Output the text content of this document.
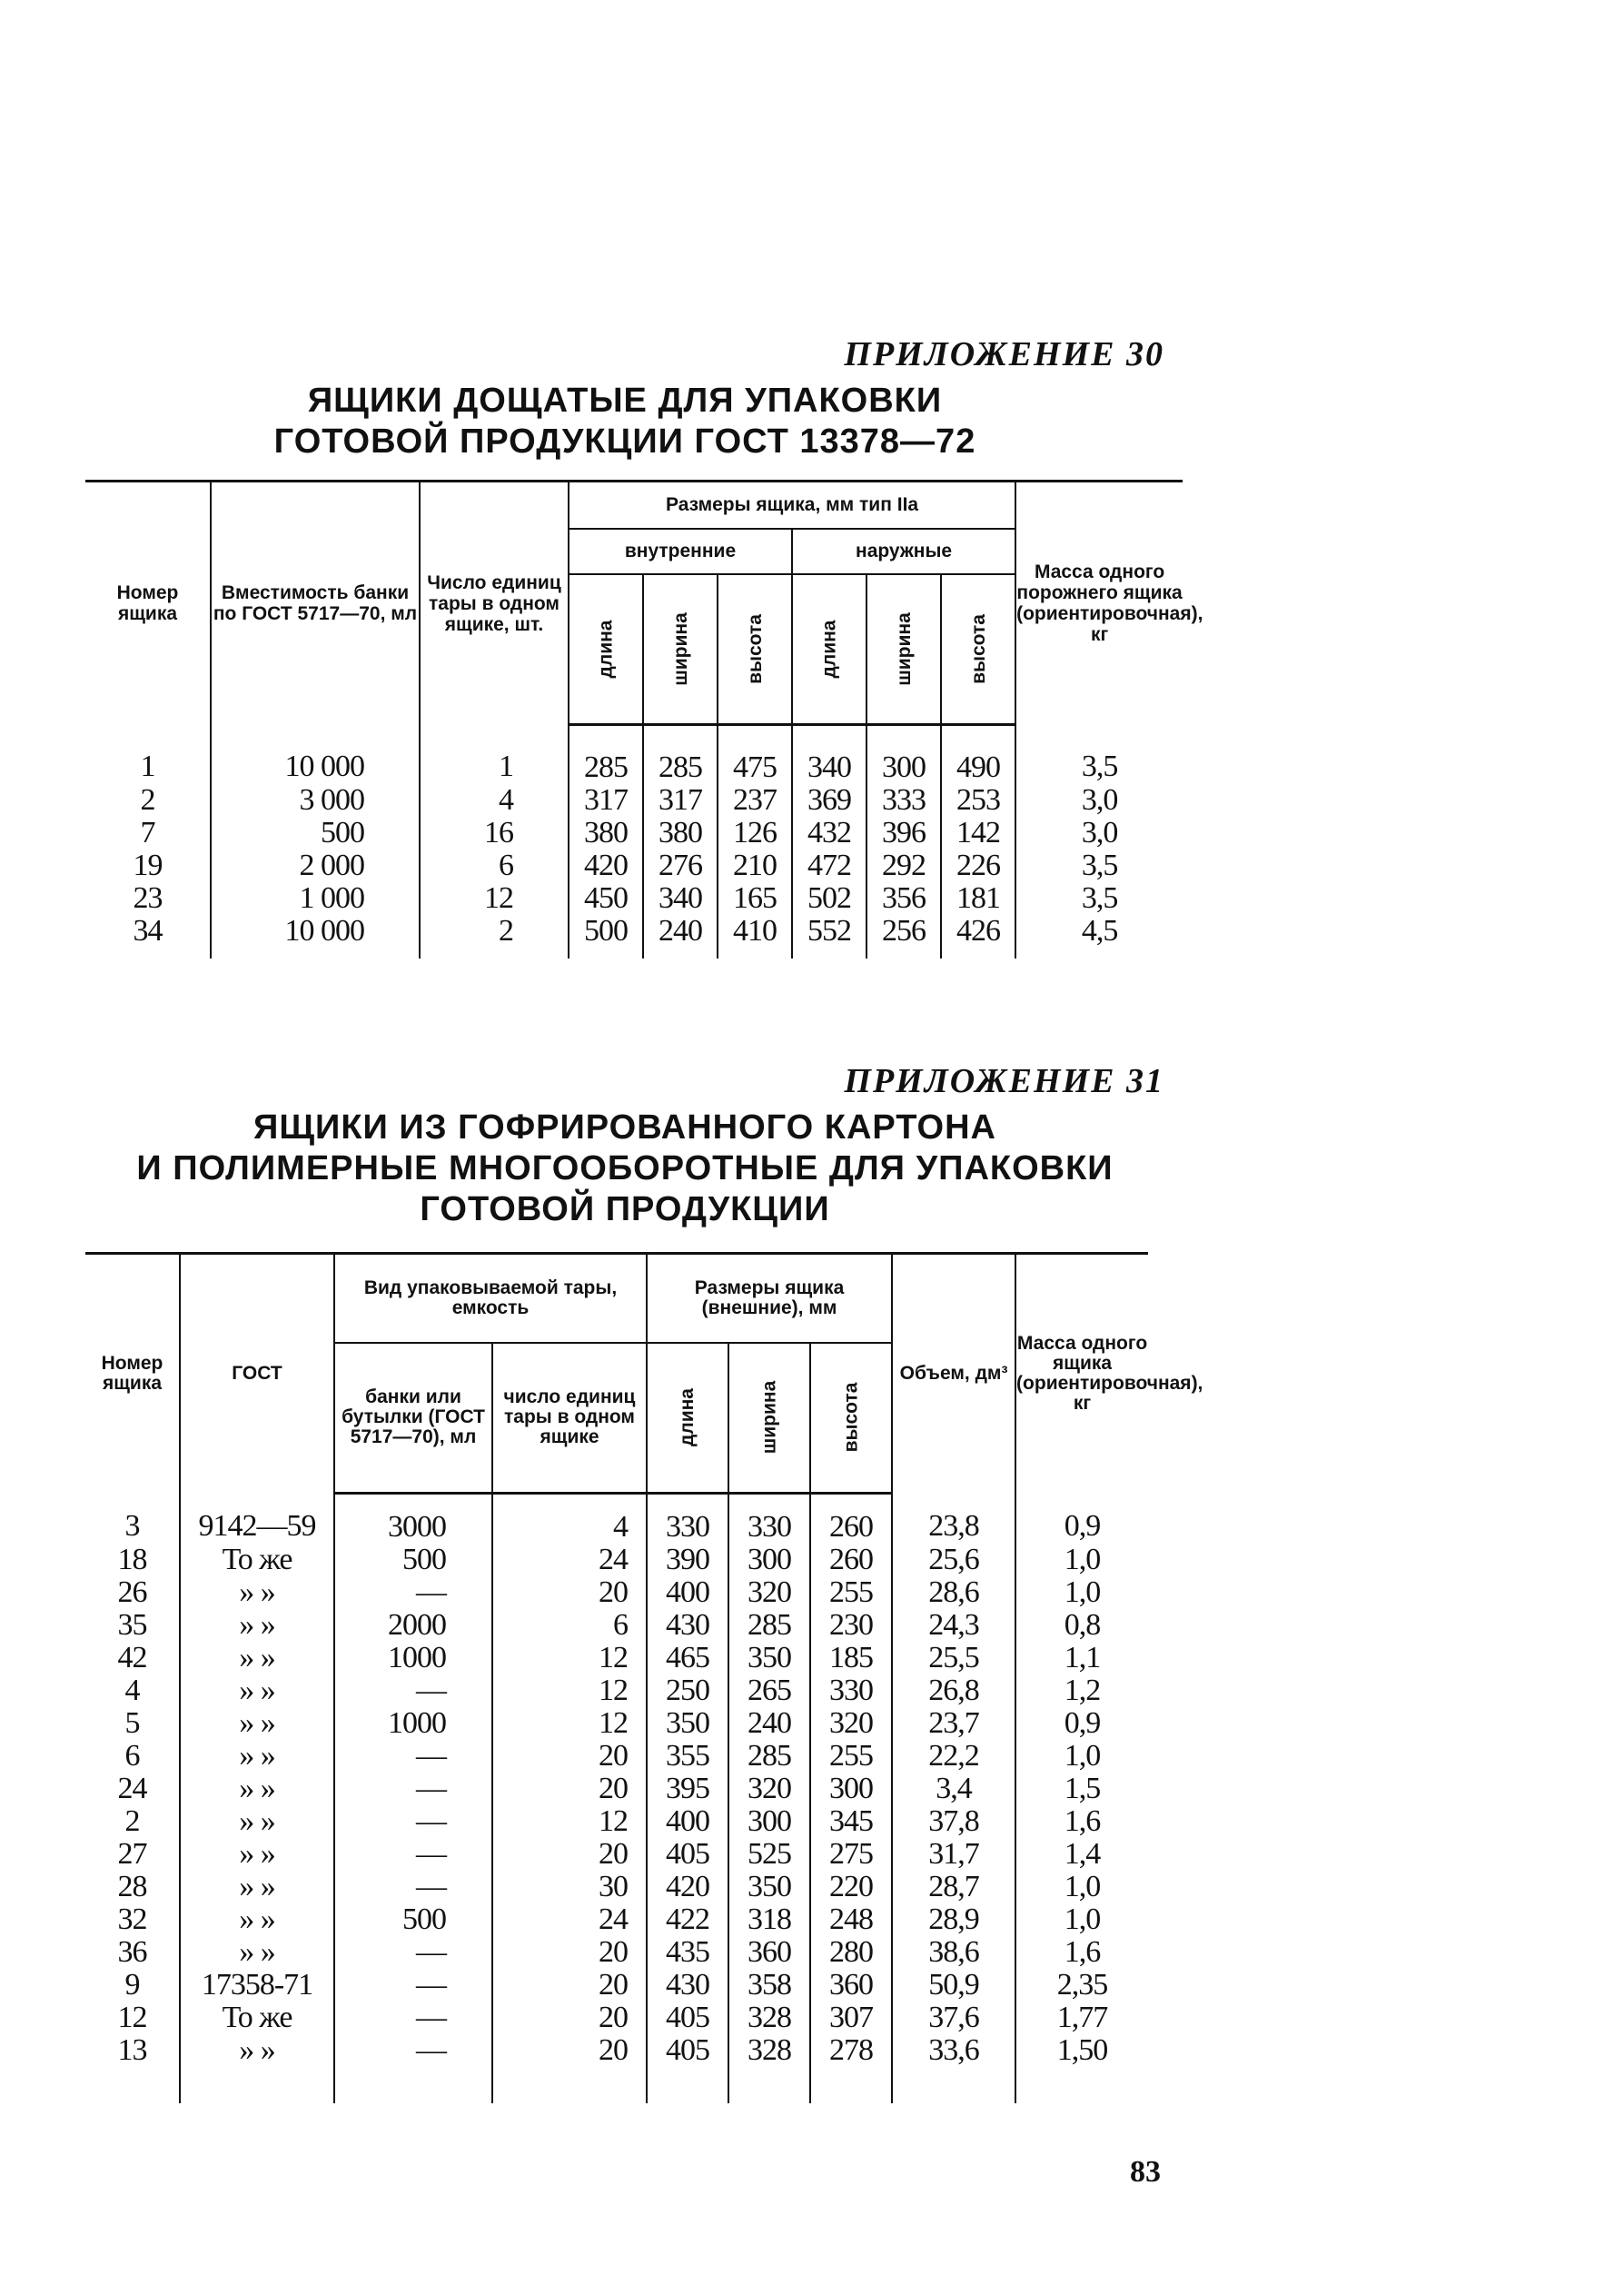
ПРИЛОЖЕНИЕ 30
ЯЩИКИ ДОЩАТЫЕ ДЛЯ УПАКОВКИ
ГОТОВОЙ ПРОДУКЦИИ ГОСТ 13378—72
Номер ящика	Вместимость банки по ГОСТ 5717—70, мл	Число единиц тары в одном ящике, шт.	Размеры ящика, мм тип IIa						Масса одного порожнего ящика (ориентировочная), кг
			внутренние			наружные			
			длина	ширина	высота	длина	ширина	высота	
1	10 000	1	285	285	475	340	300	490	3,5
2	3 000	4	317	317	237	369	333	253	3,0
7	500	16	380	380	126	432	396	142	3,0
19	2 000	6	420	276	210	472	292	226	3,5
23	1 000	12	450	340	165	502	356	181	3,5
34	10 000	2	500	240	410	552	256	426	4,5
ПРИЛОЖЕНИЕ 31
ЯЩИКИ ИЗ ГОФРИРОВАННОГО КАРТОНА
И ПОЛИМЕРНЫЕ МНОГООБОРОТНЫЕ ДЛЯ УПАКОВКИ
ГОТОВОЙ ПРОДУКЦИИ
Номер ящика	ГОСТ	Вид упаковываемой тары, емкость		Размеры ящика (внешние), мм			Объем, дм³	Масса одного ящика (ориентировочная), кг
		банки или бутылки (ГОСТ 5717—70), мл	число единиц тары в одном ящике	длина	ширина	высота		
3	9142—59	3000	4	330	330	260	23,8	0,9
18	То же	500	24	390	300	260	25,6	1,0
26	» »	—	20	400	320	255	28,6	1,0
35	» »	2000	6	430	285	230	24,3	0,8
42	» »	1000	12	465	350	185	25,5	1,1
4	» »	—	12	250	265	330	26,8	1,2
5	» »	1000	12	350	240	320	23,7	0,9
6	» »	—	20	355	285	255	22,2	1,0
24	» »	—	20	395	320	300	3,4	1,5
2	» »	—	12	400	300	345	37,8	1,6
27	» »	—	20	405	525	275	31,7	1,4
28	» »	—	30	420	350	220	28,7	1,0
32	» »	500	24	422	318	248	28,9	1,0
36	» »	—	20	435	360	280	38,6	1,6
9	17358-71	—	20	430	358	360	50,9	2,35
12	То же	—	20	405	328	307	37,6	1,77
13	» »	—	20	405	328	278	33,6	1,50
83
